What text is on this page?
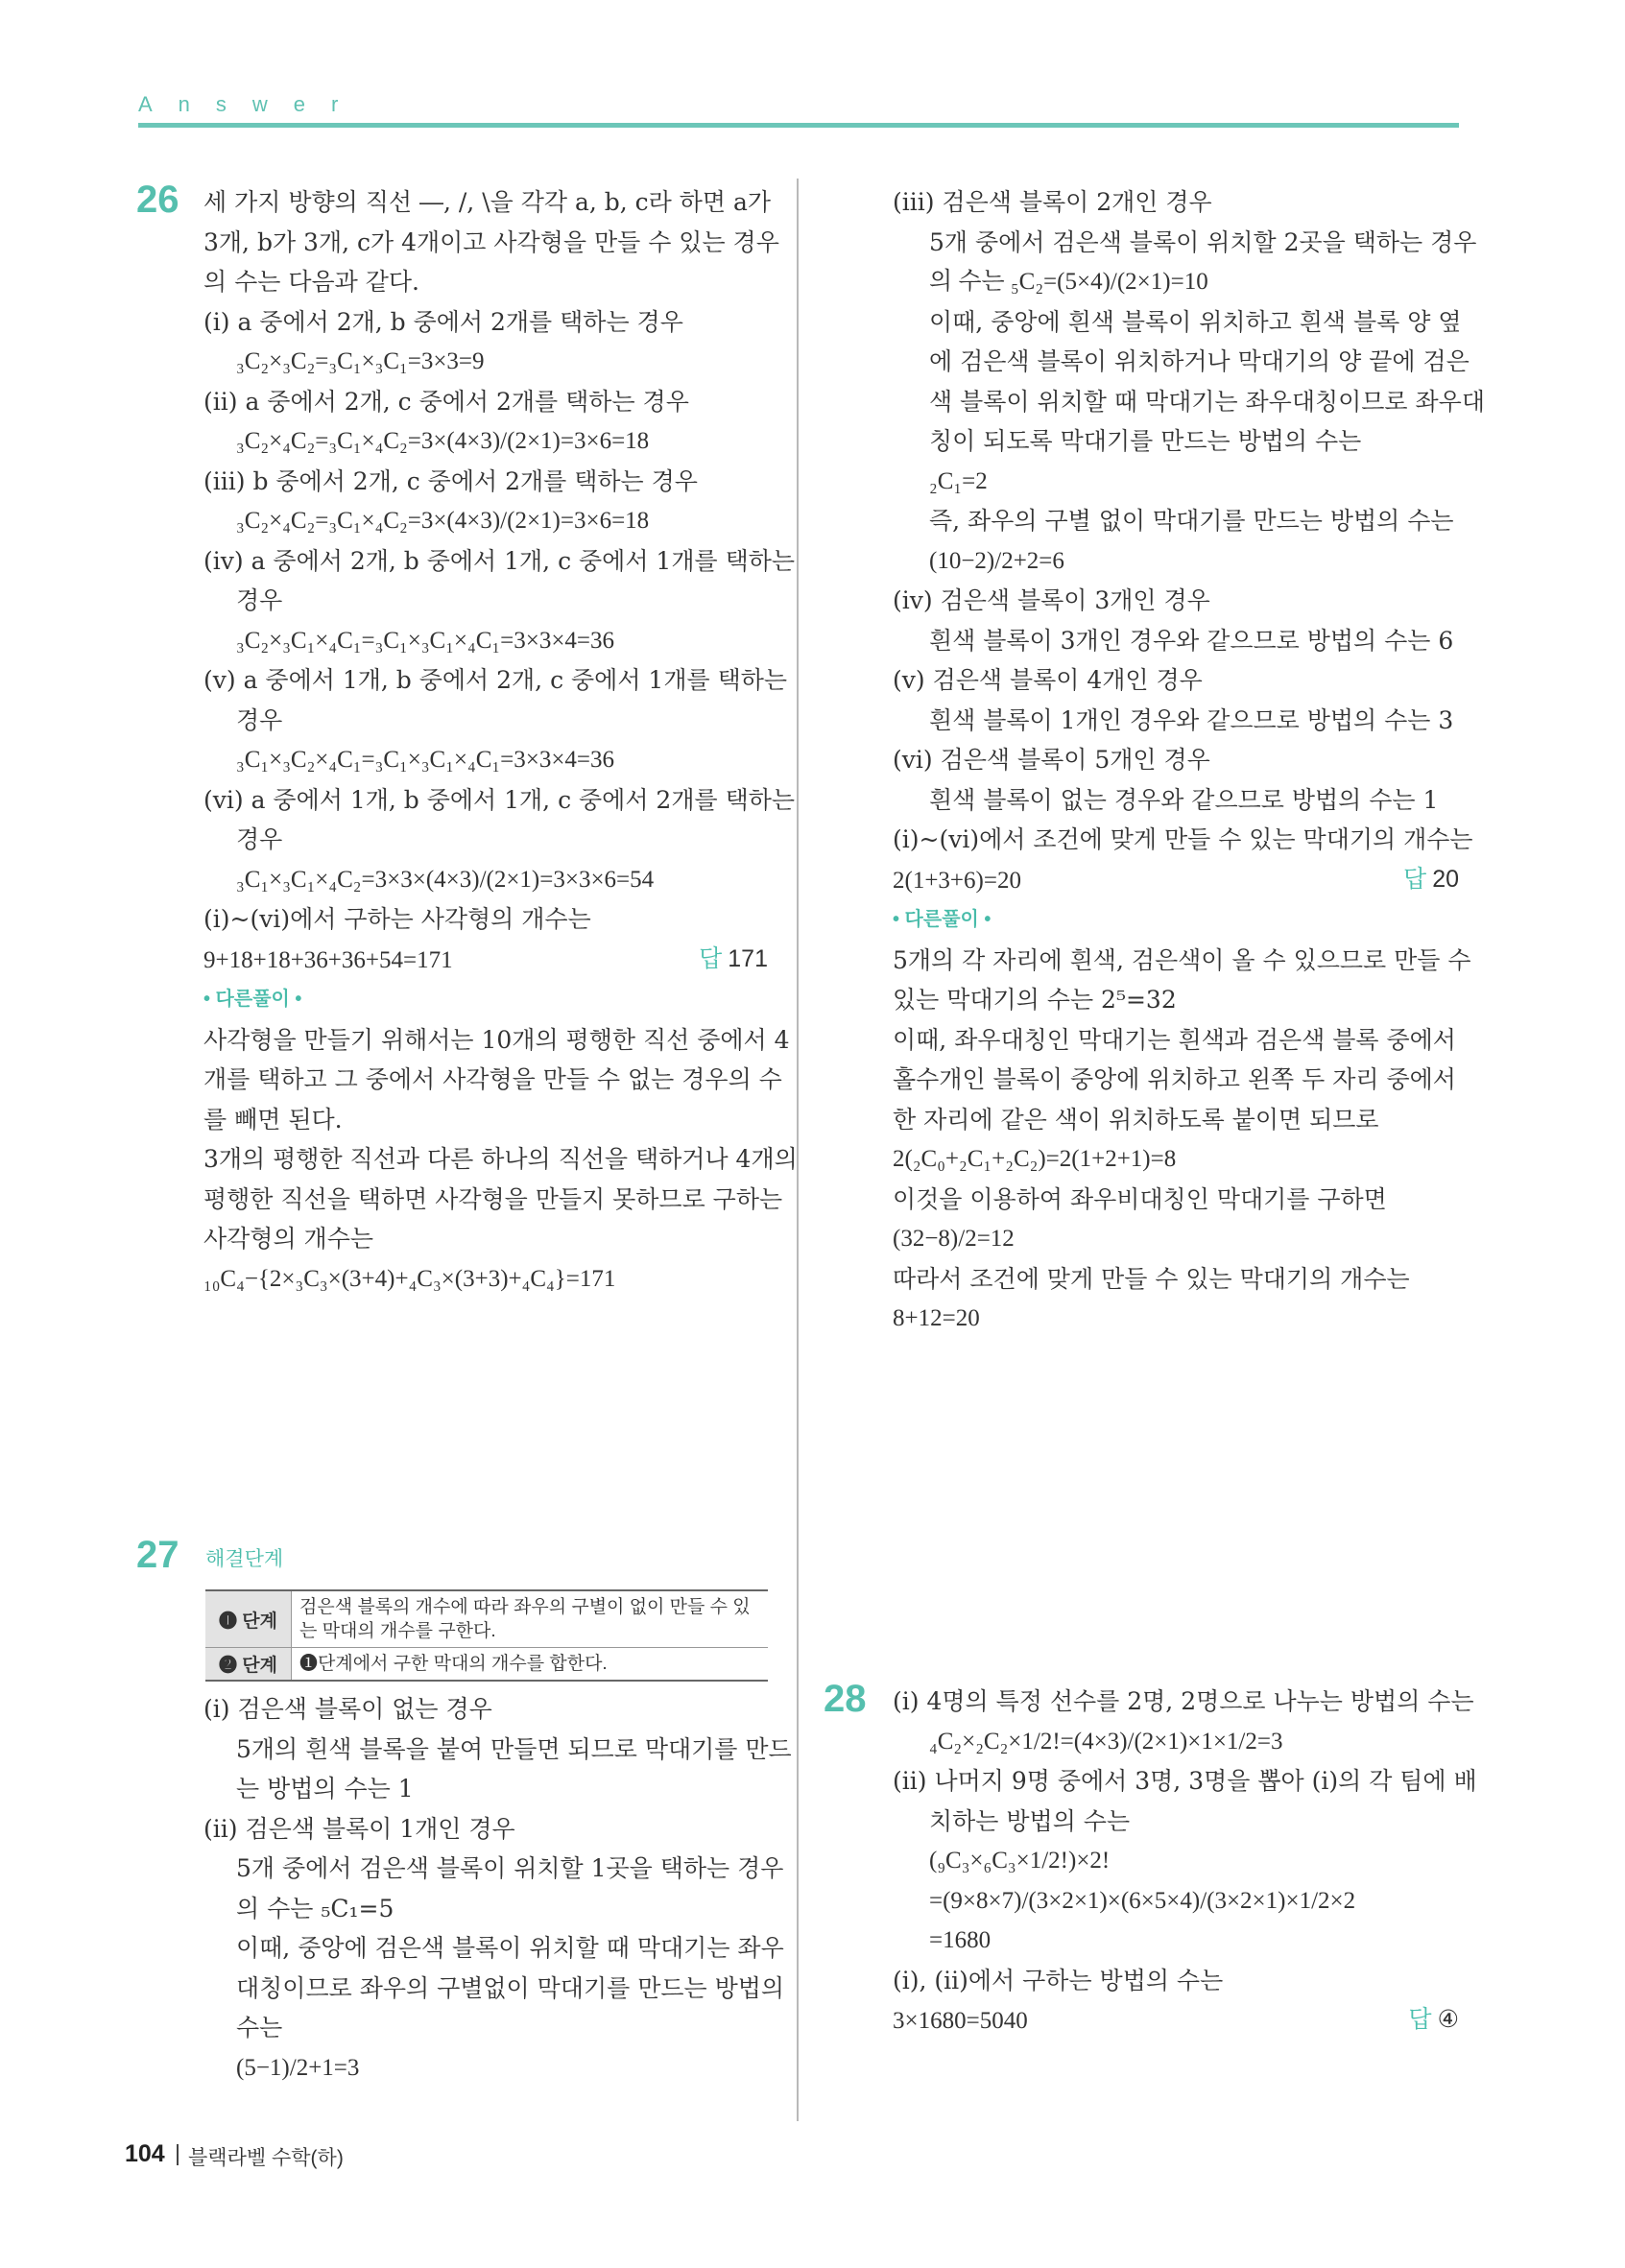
Answer
26	세 가지 방향의 직선 ―, /, \을 각각 a, b, c라 하면 a가
3개, b가 3개, c가 4개이고 사각형을 만들 수 있는 경우
의 수는 다음과 같다.
(ⅰ) a 중에서 2개, b 중에서 2개를 택하는 경우
₃C₂×₃C₂=₃C₁×₃C₁=3×3=9
(ⅱ) a 중에서 2개, c 중에서 2개를 택하는 경우
₃C₂×₄C₂=₃C₁×₄C₂=3×(4×3)/(2×1)=3×6=18
(ⅲ) b 중에서 2개, c 중에서 2개를 택하는 경우
₃C₂×₄C₂=₃C₁×₄C₂=3×(4×3)/(2×1)=3×6=18
(ⅳ) a 중에서 2개, b 중에서 1개, c 중에서 1개를 택하는
경우
₃C₂×₃C₁×₄C₁=₃C₁×₃C₁×₄C₁=3×3×4=36
(ⅴ) a 중에서 1개, b 중에서 2개, c 중에서 1개를 택하는
경우
₃C₁×₃C₂×₄C₁=₃C₁×₃C₁×₄C₁=3×3×4=36
(ⅵ) a 중에서 1개, b 중에서 1개, c 중에서 2개를 택하는
경우
₃C₁×₃C₁×₄C₂=3×3×(4×3)/(2×1)=3×3×6=54
(ⅰ)~(ⅵ)에서 구하는 사각형의 개수는
9+18+18+36+36+54=171	답 171
• 다른풀이 •
사각형을 만들기 위해서는 10개의 평행한 직선 중에서 4
개를 택하고 그 중에서 사각형을 만들 수 없는 경우의 수
를 빼면 된다.
3개의 평행한 직선과 다른 하나의 직선을 택하거나 4개의
평행한 직선을 택하면 사각형을 만들지 못하므로 구하는
사각형의 개수는
₁₀C₄−{2×₃C₃×(3+4)+₄C₃×(3+3)+₄C₄}=171
27 해결단계
❶ 단계
검은색 블록의 개수에 따라 좌우의 구별이 없이 만들 수 있는 막대의 개수를 구한다.
❷ 단계	❶단계에서 구한 막대의 개수를 합한다.
(ⅰ) 검은색 블록이 없는 경우
5개의 흰색 블록을 붙여 만들면 되므로 막대기를 만드
는 방법의 수는 1
(ⅱ) 검은색 블록이 1개인 경우
5개 중에서 검은색 블록이 위치할 1곳을 택하는 경우
의 수는 ₅C₁=5
이때, 중앙에 검은색 블록이 위치할 때 막대기는 좌우
대칭이므로 좌우의 구별없이 막대기를 만드는 방법의
수는
(5−1)/2+1=3
(ⅲ) 검은색 블록이 2개인 경우
5개 중에서 검은색 블록이 위치할 2곳을 택하는 경우
의 수는 ₅C₂=(5×4)/(2×1)=10
이때, 중앙에 흰색 블록이 위치하고 흰색 블록 양 옆
에 검은색 블록이 위치하거나 막대기의 양 끝에 검은
색 블록이 위치할 때 막대기는 좌우대칭이므로 좌우대
칭이 되도록 막대기를 만드는 방법의 수는
₂C₁=2
즉, 좌우의 구별 없이 막대기를 만드는 방법의 수는
(10−2)/2+2=6
(ⅳ) 검은색 블록이 3개인 경우
흰색 블록이 3개인 경우와 같으므로 방법의 수는 6
(ⅴ) 검은색 블록이 4개인 경우
흰색 블록이 1개인 경우와 같으므로 방법의 수는 3
(ⅵ) 검은색 블록이 5개인 경우
흰색 블록이 없는 경우와 같으므로 방법의 수는 1
(ⅰ)~(ⅵ)에서 조건에 맞게 만들 수 있는 막대기의 개수는
2(1+3+6)=20	답 20
• 다른풀이 •
5개의 각 자리에 흰색, 검은색이 올 수 있으므로 만들 수
있는 막대기의 수는 2⁵=32
이때, 좌우대칭인 막대기는 흰색과 검은색 블록 중에서
홀수개인 블록이 중앙에 위치하고 왼쪽 두 자리 중에서
한 자리에 같은 색이 위치하도록 붙이면 되므로
2(₂C₀+₂C₁+₂C₂)=2(1+2+1)=8
이것을 이용하여 좌우비대칭인 막대기를 구하면
(32−8)/2=12
따라서 조건에 맞게 만들 수 있는 막대기의 개수는
8+12=20
28 (ⅰ) 4명의 특정 선수를 2명, 2명으로 나누는 방법의 수는
₄C₂×₂C₂×1/2!=(4×3)/(2×1)×1×1/2=3
(ⅱ) 나머지 9명 중에서 3명, 3명을 뽑아 (ⅰ)의 각 팀에 배
치하는 방법의 수는
(₉C₃×₆C₃×1/2!)×2!
=(9×8×7)/(3×2×1)×(6×5×4)/(3×2×1)×1/2×2
=1680
(ⅰ), (ⅱ)에서 구하는 방법의 수는
3×1680=5040	답 ④
104 블랙라벨 수학(하)
